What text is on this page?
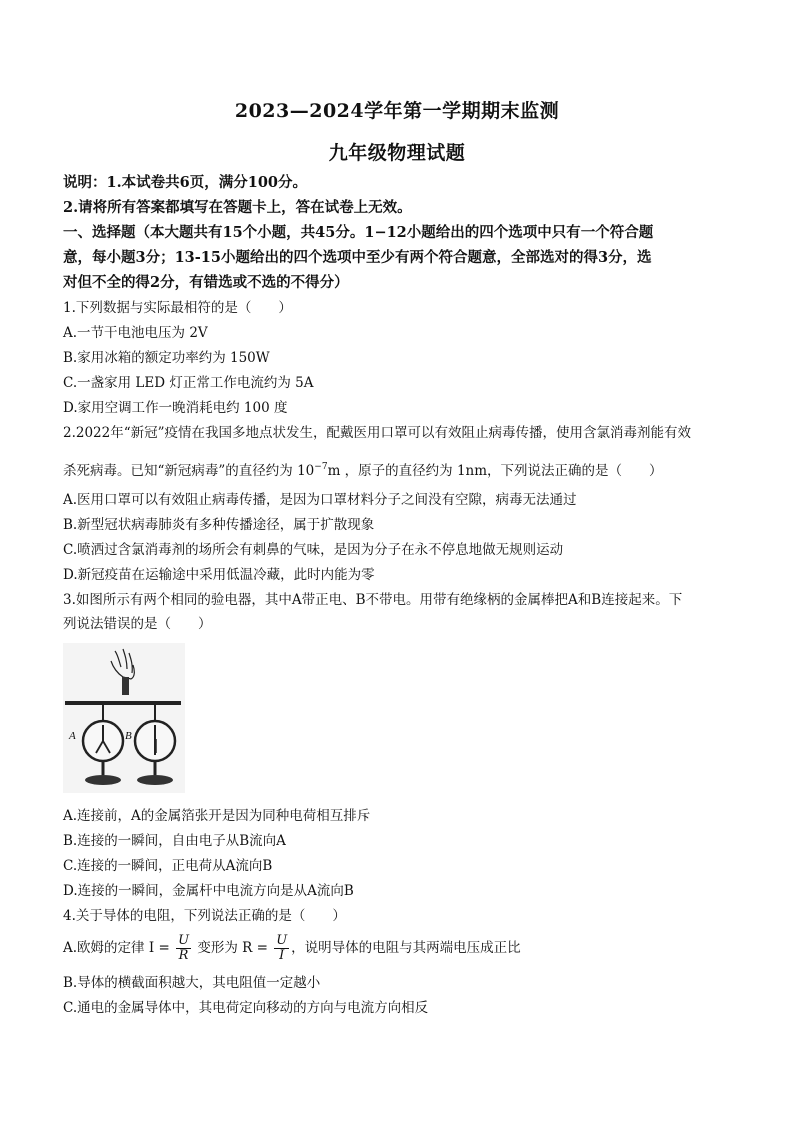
2023—2024学年第一学期期末监测
九年级物理试题
说明：1.本试卷共6页，满分100分。
2.请将所有答案都填写在答题卡上，答在试卷上无效。
一、选择题（本大题共有15个小题，共45分。1−12小题给出的四个选项中只有一个符合题
意，每小题3分；13-15小题给出的四个选项中至少有两个符合题意，全部选对的得3分，选
对但不全的得2分，有错选或不选的不得分）
1.下列数据与实际最相符的是（　　）
A.一节干电池电压为 2V
B.家用冰箱的额定功率约为 150W
C.一盏家用 LED 灯正常工作电流约为 5A
D.家用空调工作一晚消耗电约 100 度
2.2022年“新冠”疫情在我国多地点状发生，配戴医用口罩可以有效阻止病毒传播，使用含氯消毒剂能有效
杀死病毒。已知“新冠病毒”的直径约为 $10^{-7}m$ ，原子的直径约为 1nm，下列说法正确的是（　　）
A.医用口罩可以有效阻止病毒传播，是因为口罩材料分子之间没有空隙，病毒无法通过
B.新型冠状病毒肺炎有多种传播途径，属于扩散现象
C.喷洒过含氯消毒剂的场所会有刺鼻的气味，是因为分子在永不停息地做无规则运动
D.新冠疫苗在运输途中采用低温冷藏，此时内能为零
3.如图所示有两个相同的验电器，其中A带正电、B不带电。用带有绝缘柄的金属棒把A和B连接起来。下
列说法错误的是（　　）
A	B
A.连接前，A的金属箔张开是因为同种电荷相互排斥
B.连接的一瞬间，自由电子从B流向A
C.连接的一瞬间，正电荷从A流向B
D.连接的一瞬间，金属杆中电流方向是从A流向B
4.关于导体的电阻，下列说法正确的是（　　）
A.欧姆的定律 $I = \frac{U}{R}$ 变形为 $R = \frac{U}{I}$ ，说明导体的电阻与其两端电压成正比
B.导体的横截面积越大，其电阻值一定越小
C.通电的金属导体中，其电荷定向移动的方向与电流方向相反
